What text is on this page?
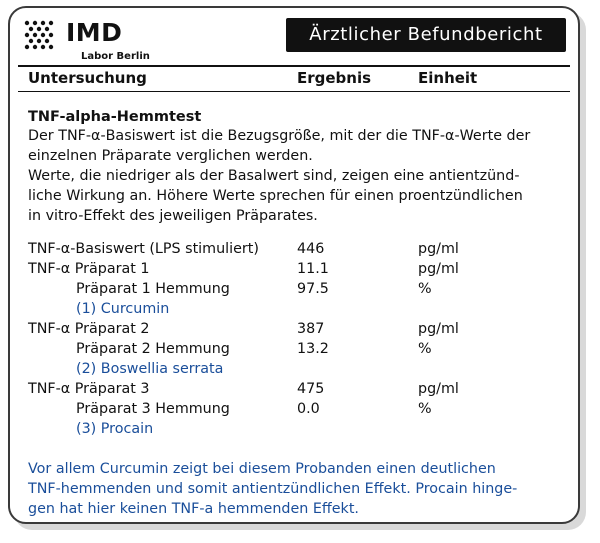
IMD
Labor Berlin
Ärztlicher Befundbericht
Untersuchung	Ergebnis	Einheit
TNF-alpha-Hemmtest
Der TNF-α-Basiswert ist die Bezugsgröße, mit der die TNF-α-Werte der
einzelnen Präparate verglichen werden.
Werte, die niedriger als der Basalwert sind, zeigen eine antientzünd-
liche Wirkung an. Höhere Werte sprechen für einen proentzündlichen
in vitro-Effekt des jeweiligen Präparates.
TNF-α-Basiswert (LPS stimuliert)	446	pg/ml
TNF-α Präparat 1	11.1	pg/ml
Präparat 1 Hemmung	97.5	%
(1) Curcumin
TNF-α Präparat 2	387	pg/ml
Präparat 2 Hemmung	13.2	%
(2) Boswellia serrata
TNF-α Präparat 3	475	pg/ml
Präparat 3 Hemmung	0.0	%
(3) Procain
Vor allem Curcumin zeigt bei diesem Probanden einen deutlichen
TNF-hemmenden und somit antientzündlichen Effekt. Procain hinge-
gen hat hier keinen TNF-a hemmenden Effekt.
